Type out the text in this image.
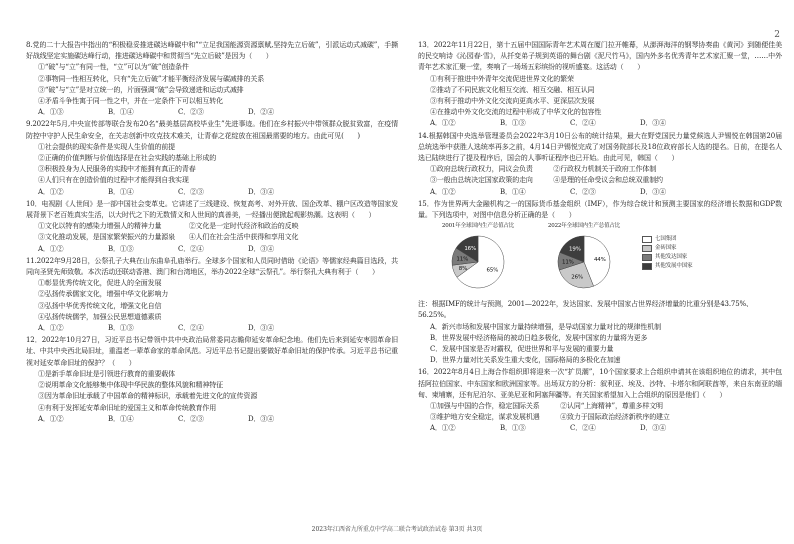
2
8.党的二十大报告中指出的“积极稳妥推进碳达峰碳中和”“立足我国能源资源禀赋,坚持先立后破”，引派运动式减碳”，手撕好战线坚定实施碳达峰行动，推进碳达峰碳中和贯彻当“先立后破”是因为（　　）
①“破”与“立”有同一性，“立”可以为“破”创造条件
②事物同一性相互转化，只有“先立后破”才能平衡经济发展与碳减排的关系
③“破”与“立”是对立统一的，片面强调“破”会导致递进和运动式减排
④矛盾斗争性寓于同一性之中，并在一定条件下可以相互转化
A．①③	B．①④	C．②③	D．②④
9.2022年5月,中央宣传部等联合发布20名“最美基层高校毕业生”先进事迹。他们在乡村振兴中带领群众脱贫致富，在疫情防控中守护人民生命安全，在关志创新中攻克技术难关，让青春之花绽放在祖国最需要的地方。由此可见(　　)
①社会提供的现实条件是实现人生价值的前提
②正确的价值判断与价值选择是在社会实践的基础上形成的
③积极投身为人民服务的实践中才能拥有真正的青春
④人们只有在创造价值的过程中才能得到自我实现
A．①②	B．①④	C．②③	D．③④
10．电视剧《人世间》是一部中国社会变革史。它讲述了三线建设、恢复高考、对外开放、国企改革、棚户区改造等国家发展背景下老百姓真实生活，以大时代之下的无数情义和人世间的真善美，一经播出便掀起观影热潮。这表明（　　）
①文化以特有的感染力增强人的精神力量　　　　②文化是一定时代经济和政治的反映
③文化推动发展，是国家繁荣振兴的力量源泉　　④人们在社会生活中获得和享用文化
A．①②	B．①③	C．②④	D．③④
11.2022年9月28日，公祭孔子大典在山东曲阜孔庙举行。全球多个国家和人员同时借助《论语》等儒家经典篇目选段，共同向圣贤先师致敬。本次活动还联动香港、澳门和台湾地区，举办2022全球“云祭孔”。举行祭孔大典有利于（　　）
①彰显优秀传统文化，促进人的全面发展
②弘扬传承儒家文化，增强中华文化影响力
③弘扬中华优秀传统文化，增强文化自信
④弘扬传统儒学，加强公民思想道德素质
A．①②	B．①③	C．②④	D．③④
12．2022年10月27日，习近平总书记带领中共中央政治局常委同志瞻仰延安革命纪念地。他们先后来到延安枣园革命旧址、中共中央西北局旧址，重温老一辈革命家的革命风范。习近平总书记提出要做好革命旧址的保护传承。习近平总书记重视对延安革命旧址的保护？（　　）
①是新手革命旧址是引领进行教育的重要载体
②说明革命文化能够集中体现中华民族的整体风貌和精神特征
③因为革命旧址承载了中国革命的精神标识，承载着先进文化的宣传资源
④有利于发挥延安革命旧址的爱国主义和革命传统教育作用
A．①②	B．①④	C．②③	D．③④
13．2022年11月22日，第十五届中国国际青年艺术周在厦门拉开帷幕，从澎湃海洋的钢琴协奏曲《黄河》到随便佳美的民交响诗《沁园春·雪》，从扦变弟子规到英语的舞台剧《泥尺竹马》，国内外多名优秀青年艺术家汇聚一堂，……中外青年艺术家汇聚一堂，奏响了一场场五彩缤纷的视听盛宴。这活动（　　）
①有利于推进中外青年交流促进世界文化的繁荣
②推动了不同民族文化相互交流、相互交融、相互认同
③有利于推动中外文化交流向更高水平、更深层次发展
④在推动中外文化交流的过程中形成了中华文化的包容性
A．①②	B．①③	C．②④	D．③④
14.根据韩国中央选举管理委员会2022年3月10日公布的统计结果，最大在野党国民力量党候选人尹锡悦在韩国第20届总统选举中获胜人选统率再多之前，4月14日尹锡悦完成了对国务院部长及18位政府部长人选的提名。日前，在提名人选已陆续进行了提及程序后，国会的人事听证程序也已开始。由此可见，韩国（　　）
①政府总统行政权力，同议会负责　　　②行政权力机制关于政府工作体制
③一般由总统决定国家政策的走向　　　④是理的任命受议会和总统双重制约
A．①②	B．①④	C．②③	D．③④
15．作为世界两大金融机构之一的国际货币基金组织（IMF），作为综合统计和预测主要国家的经济增长数据和GDP数量。下列选项中，对图中信息分析正确的是（　　）
2001年全球国内生产总值占比
65%
8%
11%
16%
2022年全球国内生产总值占比
44%
26%
11%
19%
七国集团
金砖国家
其他发达国家
其他发展中国家
注：根据IMF的统计与预测，2001—2022年，发达国家、发展中国家占世界经济增量的比重分别是43.75%、56.25%。
A．新兴市场和发展中国家力量持续增强，是导动国家力量对比的规律性机制
B．世界发展中经济格局的被动日趋多极化，发展中国家的力量将为更多
C．发展中国家是否对霸权，促进世界和平与发展的重要力量
D．世界力量对比关系发生重大变化，国际格局的多极化在加速
16．2022年8月4日上海合作组织即将迎来一次“扩员潮”，10个国家要求上合组织申请其在该组织地位的请求，其中包括阿拉伯国家、中东国家和欧洲国家等。出场双方的分析：叙利亚、埃及、沙特、卡塔尔和阿联酋等，来自东南亚的缅甸、柬埔寨，还有尼泊尔、亚美尼亚和阿塞拜疆等。有关国家希望加入上合组织的原因是他们（　　）
①加强与中国的合作，稳定国际关系　　　②认同“上海精神”，尊重多样文明
③维护地方安全稳定，谋求发展机遇　　　④致力于国际政治经济新秩序的建立
A．①②	B．①③	C．②④	D．③④
2023年江西省九所重点中学高二联合考试政治试卷 第3页 共3页
